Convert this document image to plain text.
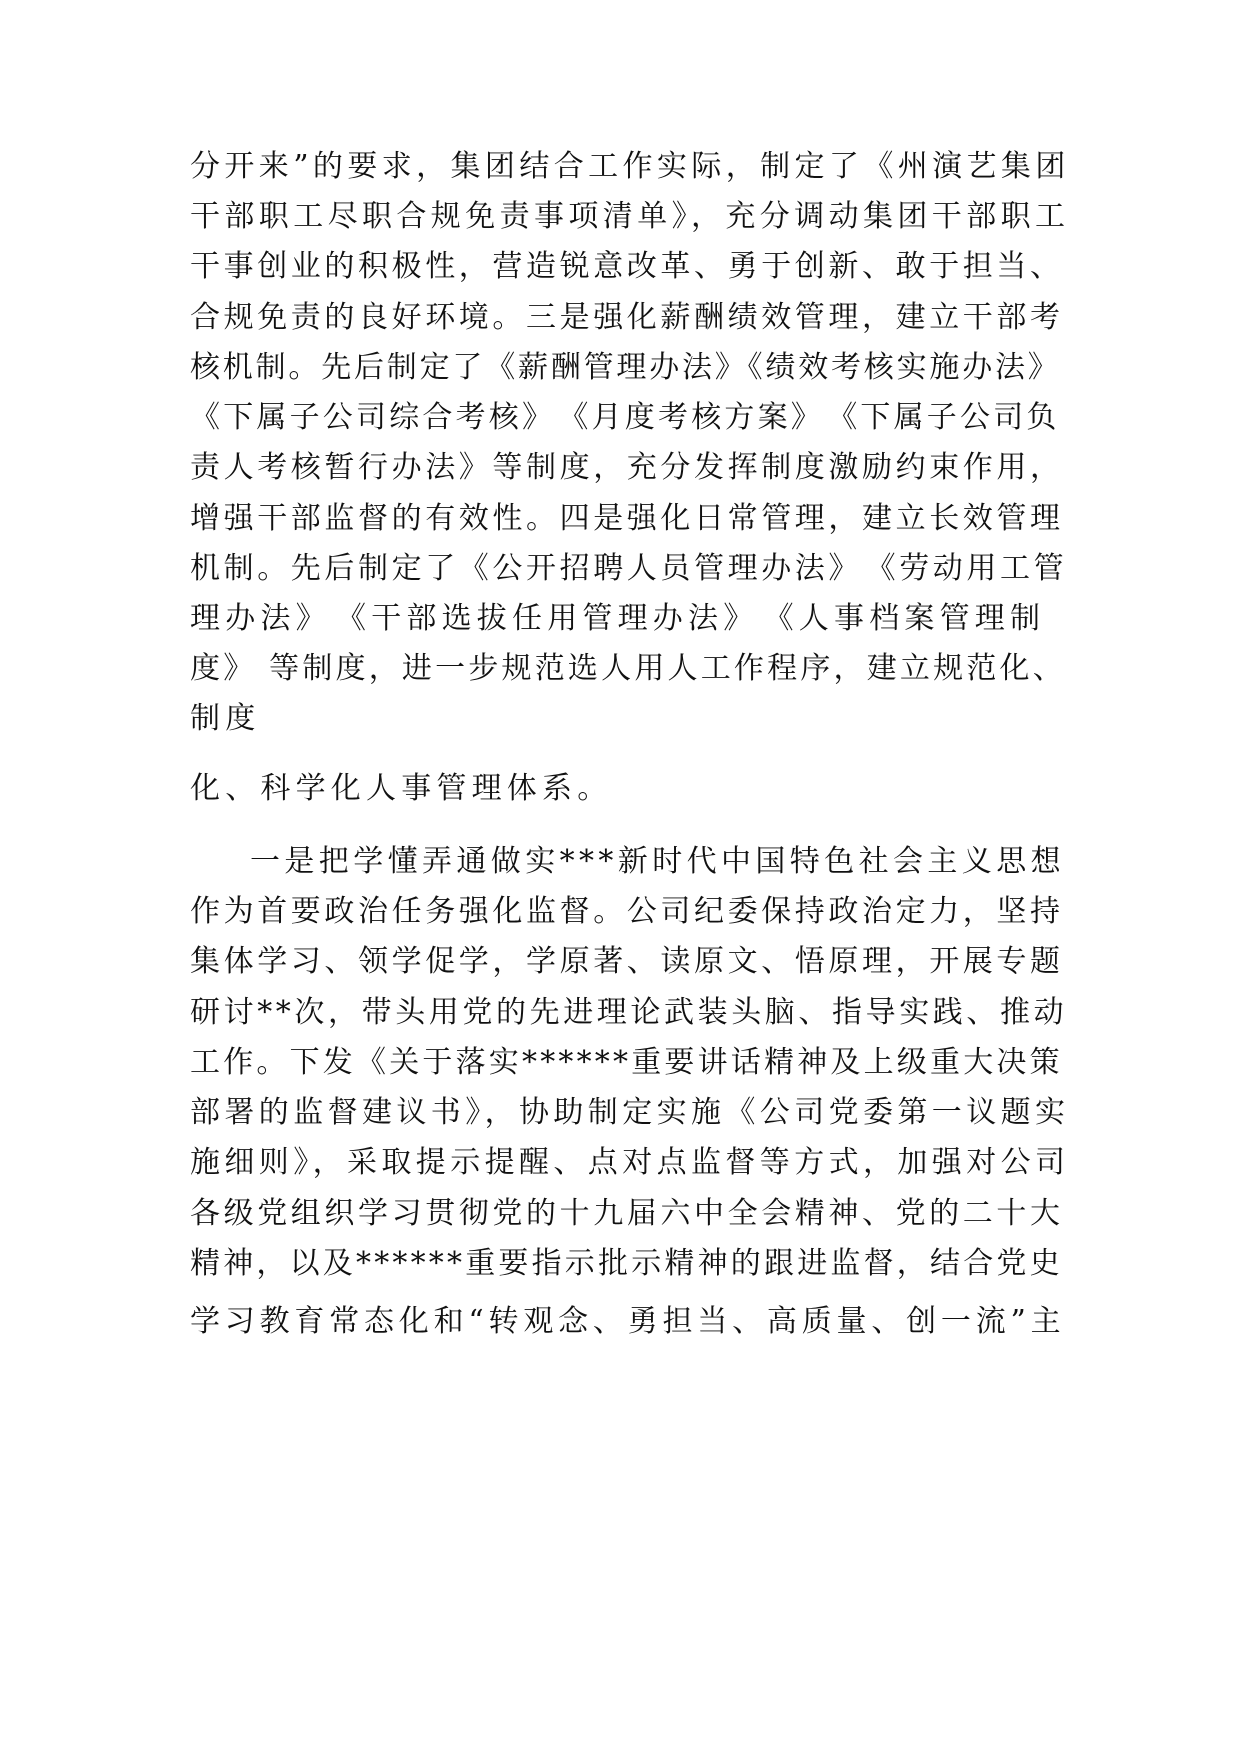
分开来”的要求，集团结合工作实际，制定了《州演艺集团
干部职工尽职合规免责事项清单》，充分调动集团干部职工
干事创业的积极性，营造锐意改革、勇于创新、敢于担当、
合规免责的良好环境。三是强化薪酬绩效管理，建立干部考
核机制。先后制定了《薪酬管理办法》《绩效考核实施办法》
《下属子公司综合考核》　《月度考核方案》　《下属子公司负
责人考核暂行办法》等制度，充分发挥制度激励约束作用，
增强干部监督的有效性。四是强化日常管理，建立长效管理
机制。先后制定了《公开招聘人员管理办法》　《劳动用工管
理办法》　《干部选拔任用管理办法》　《人事档案管理制
度》 等制度，进一步规范选人用人工作程序，建立规范化、
制度
化、科学化人事管理体系。
一是把学懂弄通做实***新时代中国特色社会主义思想
作为首要政治任务强化监督。公司纪委保持政治定力，坚持
集体学习、领学促学，学原著、读原文、悟原理，开展专题
研讨**次，带头用党的先进理论武装头脑、指导实践、推动
工作。下发《关于落实******重要讲话精神及上级重大决策
部署的监督建议书》，协助制定实施《公司党委第一议题实
施细则》，采取提示提醒、点对点监督等方式，加强对公司
各级党组织学习贯彻党的十九届六中全会精神、党的二十大
精神，以及******重要指示批示精神的跟进监督，结合党史
学习教育常态化和“转观念、勇担当、高质量、创一流”主
